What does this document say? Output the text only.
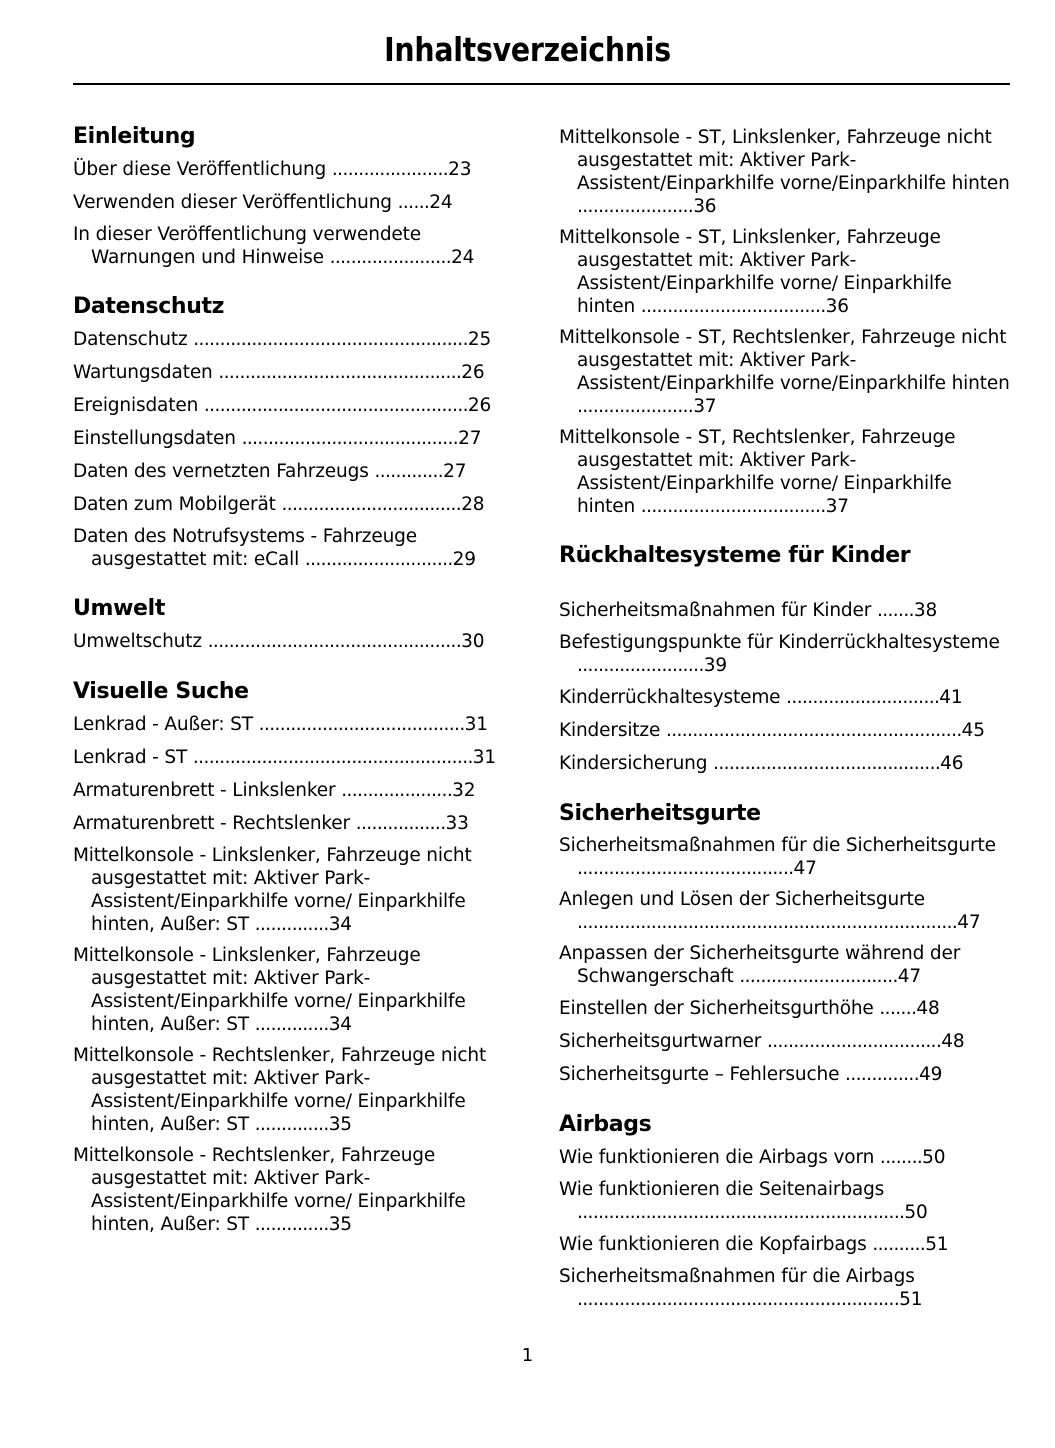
Inhaltsverzeichnis
Einleitung
Über diese Veröffentlichung ......................23
Verwenden dieser Veröffentlichung ......24
In dieser Veröffentlichung verwendete Warnungen und Hinweise .......................24
Datenschutz
Datenschutz ....................................................25
Wartungsdaten ..............................................26
Ereignisdaten ..................................................26
Einstellungsdaten .........................................27
Daten des vernetzten Fahrzeugs .............27
Daten zum Mobilgerät ..................................28
Daten des Notrufsystems - Fahrzeuge ausgestattet mit: eCall ............................29
Umwelt
Umweltschutz ................................................30
Visuelle Suche
Lenkrad - Außer: ST .......................................31
Lenkrad - ST .....................................................31
Armaturenbrett - Linkslenker .....................32
Armaturenbrett - Rechtslenker .................33
Mittelkonsole - Linkslenker, Fahrzeuge nicht ausgestattet mit: Aktiver Park-Assistent/Einparkhilfe vorne/ Einparkhilfe hinten, Außer: ST ..............34
Mittelkonsole - Linkslenker, Fahrzeuge ausgestattet mit: Aktiver Park-Assistent/Einparkhilfe vorne/ Einparkhilfe hinten, Außer: ST ..............34
Mittelkonsole - Rechtslenker, Fahrzeuge nicht ausgestattet mit: Aktiver Park-Assistent/Einparkhilfe vorne/ Einparkhilfe hinten, Außer: ST ..............35
Mittelkonsole - Rechtslenker, Fahrzeuge ausgestattet mit: Aktiver Park-Assistent/Einparkhilfe vorne/ Einparkhilfe hinten, Außer: ST ..............35
Mittelkonsole - ST, Linkslenker, Fahrzeuge nicht ausgestattet mit: Aktiver Park-Assistent/Einparkhilfe vorne/Einparkhilfe hinten ......................36
Mittelkonsole - ST, Linkslenker, Fahrzeuge ausgestattet mit: Aktiver Park-Assistent/Einparkhilfe vorne/ Einparkhilfe hinten ...................................36
Mittelkonsole - ST, Rechtslenker, Fahrzeuge nicht ausgestattet mit: Aktiver Park-Assistent/Einparkhilfe vorne/Einparkhilfe hinten ......................37
Mittelkonsole - ST, Rechtslenker, Fahrzeuge ausgestattet mit: Aktiver Park-Assistent/Einparkhilfe vorne/ Einparkhilfe hinten ...................................37
Rückhaltesysteme für Kinder
Sicherheitsmaßnahmen für Kinder .......38
Befestigungspunkte für Kinderrückhaltesysteme ........................39
Kinderrückhaltesysteme .............................41
Kindersitze ........................................................45
Kindersicherung ...........................................46
Sicherheitsgurte
Sicherheitsmaßnahmen für die Sicherheitsgurte .........................................47
Anlegen und Lösen der Sicherheitsgurte ........................................................................47
Anpassen der Sicherheitsgurte während der Schwangerschaft ..............................47
Einstellen der Sicherheitsgurthöhe .......48
Sicherheitsgurtwarner .................................48
Sicherheitsgurte – Fehlersuche ..............49
Airbags
Wie funktionieren die Airbags vorn ........50
Wie funktionieren die Seitenairbags ..............................................................50
Wie funktionieren die Kopfairbags ..........51
Sicherheitsmaßnahmen für die Airbags .............................................................51
1
